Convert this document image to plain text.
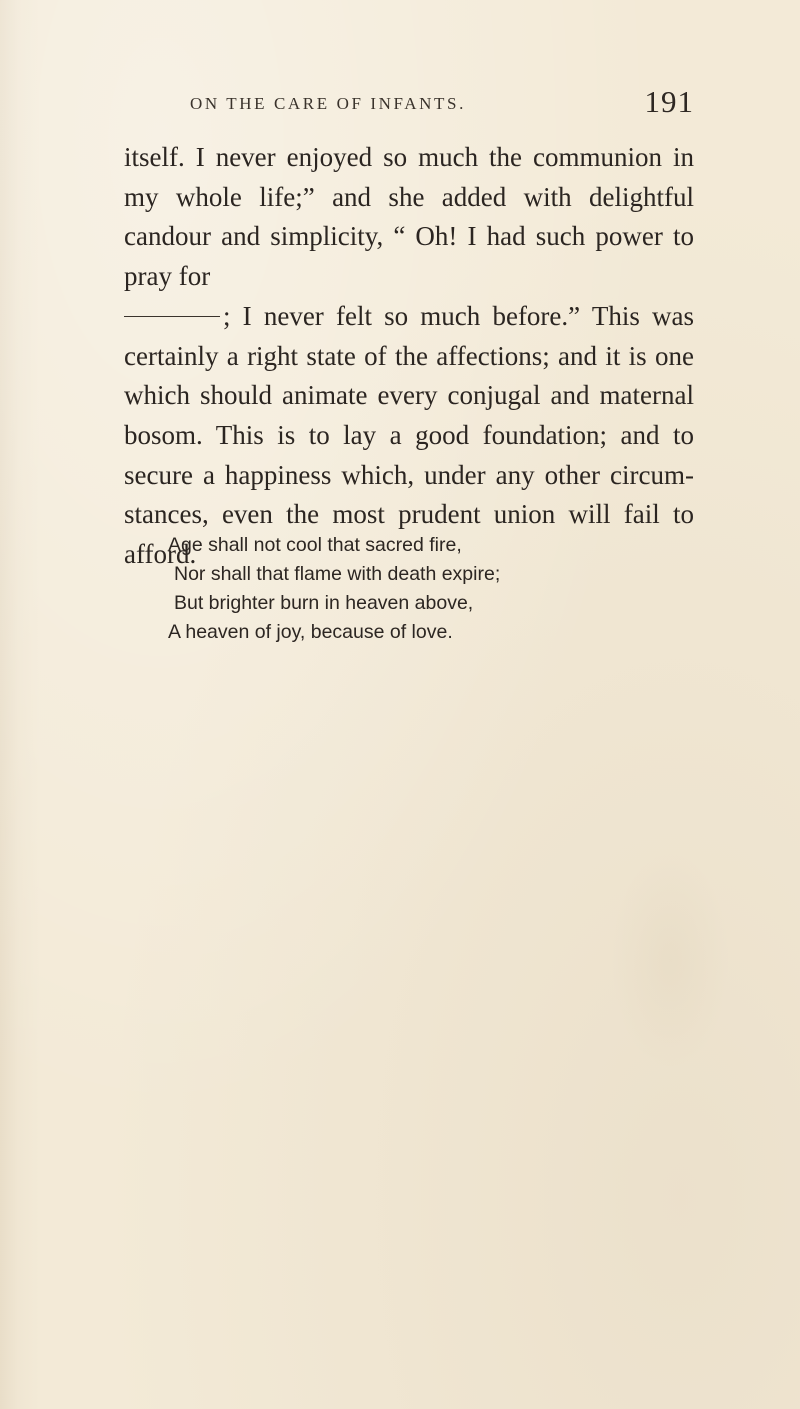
ON THE CARE OF INFANTS.	191

itself. I never enjoyed so much the communion in my whole life;” and she added with delightful candour and simplicity, “ Oh! I had such power to pray for
; I never felt so much before.” This was certainly a right state of the affections; and it is one which should animate every conjugal and maternal bosom. This is to lay a good foundation; and to secure a happiness which, under any other circum-stances, even the most prudent union will fail to afford.

Age shall not cool that sacred fire,
Nor shall that flame with death expire;
But brighter burn in heaven above,
A heaven of joy, because of love.
